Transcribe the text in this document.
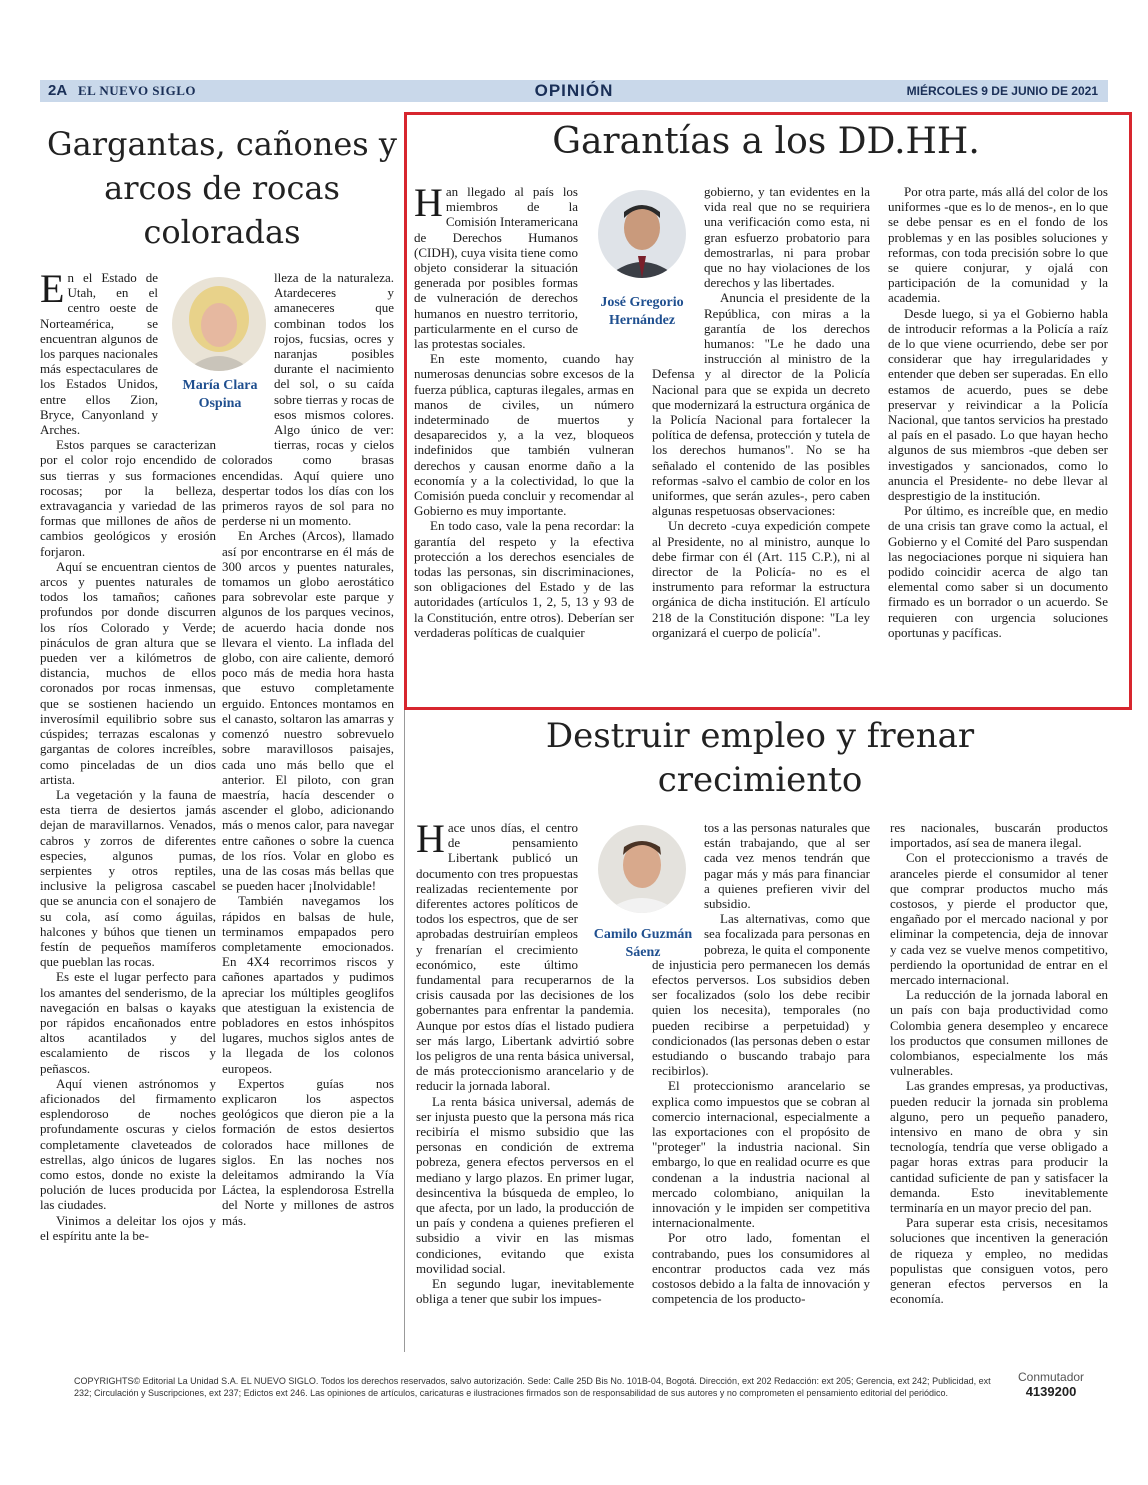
2A EL NUEVO SIGLO	OPINIÓN	MIÉRCOLES 9 DE JUNIO DE 2021
Gargantas, cañones y arcos de rocas coloradas
María Clara Ospina

En el Estado de Utah, en el centro oeste de Norteamérica, se encuentran algunos de los parques nacionales más espectaculares de los Estados Unidos, entre ellos Zion, Bryce, Canyonland y Arches.

Estos parques se caracterizan por el color rojo encendido de sus tierras y sus formaciones rocosas; por la belleza, extravagancia y variedad de las formas que millones de años de cambios geológicos y erosión forjaron.

Aquí se encuentran cientos de arcos y puentes naturales de todos los tamaños; cañones profundos por donde discurren los ríos Colorado y Verde; pináculos de gran altura que se pueden ver a kilómetros de distancia, muchos de ellos coronados por rocas inmensas, que se sostienen haciendo un inverosímil equilibrio sobre sus cúspides; terrazas escalonas y gargantas de colores increíbles, como pinceladas de un dios artista.

La vegetación y la fauna de esta tierra de desiertos jamás dejan de maravillarnos. Venados, cabros y zorros de diferentes especies, algunos pumas, serpientes y otros reptiles, inclusive la peligrosa cascabel que se anuncia con el sonajero de su cola, así como águilas, halcones y búhos que tienen un festín de pequeños mamíferos que pueblan las rocas.

Es este el lugar perfecto para los amantes del senderismo, de la navegación en balsas o kayaks por rápidos encañonados entre altos acantilados y del escalamiento de riscos y peñascos.

Aquí vienen astrónomos y aficionados del firmamento esplendoroso de noches profundamente oscuras y cielos completamente claveteados de estrellas, algo únicos de lugares como estos, donde no existe la polución de luces producida por las ciudades.

Vinimos a deleitar los ojos y el espíritu ante la be-

lleza de la naturaleza. Atardeceres y amaneceres que combinan todos los rojos, fucsias, ocres y naranjas posibles durante el nacimiento del sol, o su caída sobre tierras y rocas de esos mismos colores. Algo único de ver: tierras, rocas y cielos colorados como brasas encendidas. Aquí quiere uno despertar todos los días con los primeros rayos de sol para no perderse ni un momento.

En Arches (Arcos), llamado así por encontrarse en él más de 300 arcos y puentes naturales, tomamos un globo aerostático para sobrevolar este parque y algunos de los parques vecinos, de acuerdo hacia donde nos llevara el viento. La inflada del globo, con aire caliente, demoró poco más de media hora hasta que estuvo completamente erguido. Entonces montamos en el canasto, soltaron las amarras y comenzó nuestro sobrevuelo sobre maravillosos paisajes, cada uno más bello que el anterior. El piloto, con gran maestría, hacía descender o ascender el globo, adicionando más o menos calor, para navegar entre cañones o sobre la cuenca de los ríos. Volar en globo es una de las cosas más bellas que se pueden hacer ¡Inolvidable!

También navegamos los rápidos en balsas de hule, terminamos empapados pero completamente emocionados. En 4X4 recorrimos riscos y cañones apartados y pudimos apreciar los múltiples geoglifos que atestiguan la existencia de pobladores en estos inhóspitos lugares, muchos siglos antes de la llegada de los colonos europeos.

Expertos guías nos explicaron los aspectos geológicos que dieron pie a la formación de estos desiertos colorados hace millones de siglos. En las noches nos deleitamos admirando la Vía Láctea, la esplendorosa Estrella del Norte y millones de astros más.

Garantías a los DD.HH.
José Gregorio Hernández

Han llegado al país los miembros de la Comisión Interamericana de Derechos Humanos (CIDH), cuya visita tiene como objeto considerar la situación generada por posibles formas de vulneración de derechos humanos en nuestro territorio, particularmente en el curso de las protestas sociales.

En este momento, cuando hay numerosas denuncias sobre excesos de la fuerza pública, capturas ilegales, armas en manos de civiles, un número indeterminado de muertos y desaparecidos y, a la vez, bloqueos indefinidos que también vulneran derechos y causan enorme daño a la economía y a la colectividad, lo que la Comisión pueda concluir y recomendar al Gobierno es muy importante.

En todo caso, vale la pena recordar: la garantía del respeto y la efectiva protección a los derechos esenciales de todas las personas, sin discriminaciones, son obligaciones del Estado y de las autoridades (artículos 1, 2, 5, 13 y 93 de la Constitución, entre otros). Deberían ser verdaderas políticas de cualquier

gobierno, y tan evidentes en la vida real que no se requiriera una verificación como esta, ni gran esfuerzo probatorio para demostrarlas, ni para probar que no hay violaciones de los derechos y las libertades.

Anuncia el presidente de la República, con miras a la garantía de los derechos humanos: "Le he dado una instrucción al ministro de la Defensa y al director de la Policía Nacional para que se expida un decreto que modernizará la estructura orgánica de la Policía Nacional para fortalecer la política de defensa, protección y tutela de los derechos humanos". No se ha señalado el contenido de las posibles reformas -salvo el cambio de color en los uniformes, que serán azules-, pero caben algunas respetuosas observaciones:

Un decreto -cuya expedición compete al Presidente, no al ministro, aunque lo debe firmar con él (Art. 115 C.P.), ni al director de la Policía- no es el instrumento para reformar la estructura orgánica de dicha institución. El artículo 218 de la Constitución dispone: "La ley organizará el cuerpo de policía".

Por otra parte, más allá del color de los uniformes -que es lo de menos-, en lo que se debe pensar es en el fondo de los problemas y en las posibles soluciones y reformas, con toda precisión sobre lo que se quiere conjurar, y ojalá con participación de la comunidad y la academia.

Desde luego, si ya el Gobierno habla de introducir reformas a la Policía a raíz de lo que viene ocurriendo, debe ser por considerar que hay irregularidades y entender que deben ser superadas. En ello estamos de acuerdo, pues se debe preservar y reivindicar a la Policía Nacional, que tantos servicios ha prestado al país en el pasado. Lo que hayan hecho algunos de sus miembros -que deben ser investigados y sancionados, como lo anuncia el Presidente- no debe llevar al desprestigio de la institución.

Por último, es increíble que, en medio de una crisis tan grave como la actual, el Gobierno y el Comité del Paro suspendan las negociaciones porque ni siquiera han podido coincidir acerca de algo tan elemental como saber si un documento firmado es un borrador o un acuerdo. Se requieren con urgencia soluciones oportunas y pacíficas.

Destruir empleo y frenar crecimiento
Camilo Guzmán Sáenz

Hace unos días, el centro de pensamiento Libertank publicó un documento con tres propuestas realizadas recientemente por diferentes actores políticos de todos los espectros, que de ser aprobadas destruirían empleos y frenarían el crecimiento económico, este último fundamental para recuperarnos de la crisis causada por las decisiones de los gobernantes para enfrentar la pandemia. Aunque por estos días el listado pudiera ser más largo, Libertank advirtió sobre los peligros de una renta básica universal, de más proteccionismo arancelario y de reducir la jornada laboral.

La renta básica universal, además de ser injusta puesto que la persona más rica recibiría el mismo subsidio que las personas en condición de extrema pobreza, genera efectos perversos en el mediano y largo plazos. En primer lugar, desincentiva la búsqueda de empleo, lo que afecta, por un lado, la producción de un país y condena a quienes prefieren el subsidio a vivir en las mismas condiciones, evitando que exista movilidad social.

En segundo lugar, inevitablemente obliga a tener que subir los impues-

tos a las personas naturales que están trabajando, que al ser cada vez menos tendrán que pagar más y más para financiar a quienes prefieren vivir del subsidio.

Las alternativas, como que sea focalizada para personas en pobreza, le quita el componente de injusticia pero permanecen los demás efectos perversos. Los subsidios deben ser focalizados (solo los debe recibir quien los necesita), temporales (no pueden recibirse a perpetuidad) y condicionados (las personas deben o estar estudiando o buscando trabajo para recibirlos).

El proteccionismo arancelario se explica como impuestos que se cobran al comercio internacional, especialmente a las exportaciones con el propósito de "proteger" la industria nacional. Sin embargo, lo que en realidad ocurre es que condenan a la industria nacional al mercado colombiano, aniquilan la innovación y le impiden ser competitiva internacionalmente.

Por otro lado, fomentan el contrabando, pues los consumidores al encontrar productos cada vez más costosos debido a la falta de innovación y competencia de los producto-

res nacionales, buscarán productos importados, así sea de manera ilegal.

Con el proteccionismo a través de aranceles pierde el consumidor al tener que comprar productos mucho más costosos, y pierde el productor que, engañado por el mercado nacional y por eliminar la competencia, deja de innovar y cada vez se vuelve menos competitivo, perdiendo la oportunidad de entrar en el mercado internacional.

La reducción de la jornada laboral en un país con baja productividad como Colombia genera desempleo y encarece los productos que consumen millones de colombianos, especialmente los más vulnerables.

Las grandes empresas, ya productivas, pueden reducir la jornada sin problema alguno, pero un pequeño panadero, intensivo en mano de obra y sin tecnología, tendría que verse obligado a pagar horas extras para producir la cantidad suficiente de pan y satisfacer la demanda. Esto inevitablemente terminaría en un mayor precio del pan.

Para superar esta crisis, necesitamos soluciones que incentiven la generación de riqueza y empleo, no medidas populistas que consiguen votos, pero generan efectos perversos en la economía.

COPYRIGHTS© Editorial La Unidad S.A. EL NUEVO SIGLO. Todos los derechos reservados, salvo autorización. Sede: Calle 25D Bis No. 101B-04, Bogotá. Dirección, ext 202 Redacción: ext 205; Gerencia, ext 242; Publicidad, ext 232; Circulación y Suscripciones, ext 237; Edictos ext 246. Las opiniones de artículos, caricaturas e ilustraciones firmados son de responsabilidad de sus autores y no comprometen el pensamiento editorial del periódico.
Conmutador
4139200
